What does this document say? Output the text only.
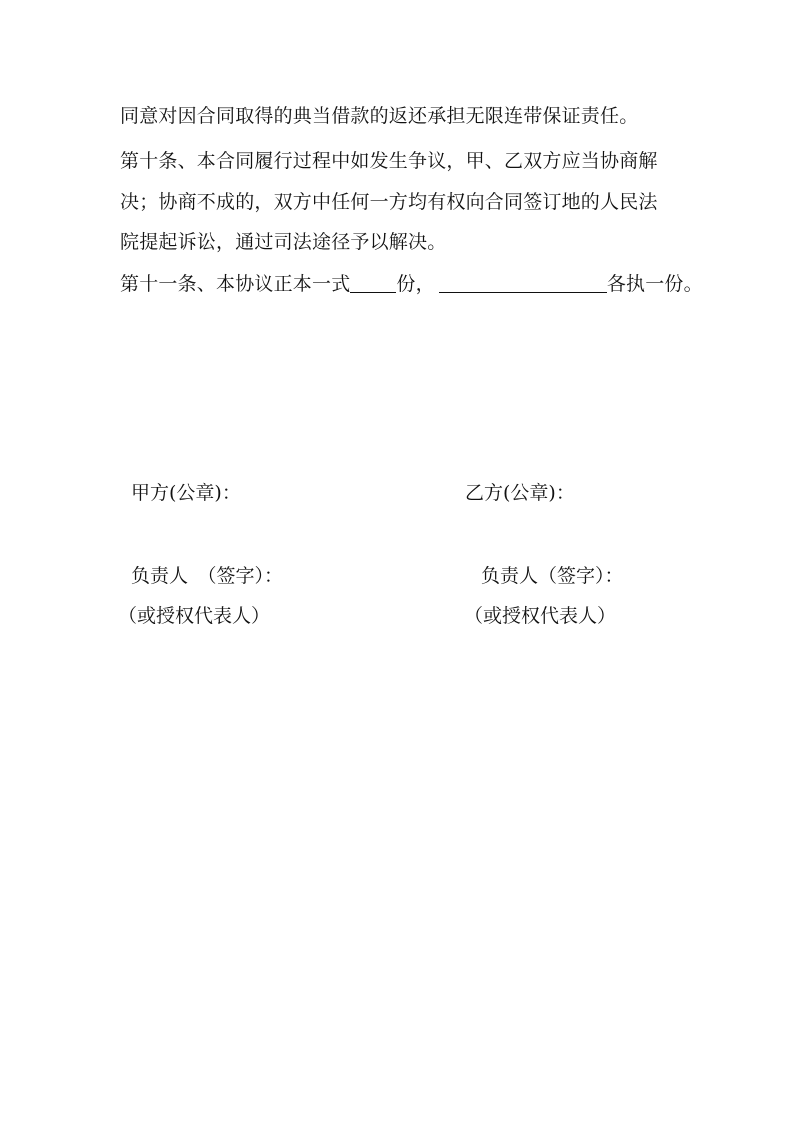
同意对因合同取得的典当借款的返还承担无限连带保证责任。
第十条、本合同履行过程中如发生争议，甲、乙双方应当协商解
决；协商不成的，双方中任何一方均有权向合同签订地的人民法
院提起诉讼，通过司法途径予以解决。
第十一条、本协议正本一式 份，	各执一份。
甲方(公章)：	乙方(公章)：
负责人　（签字）：	负责人（签字）：
（或授权代表人）	（或授权代表人）
